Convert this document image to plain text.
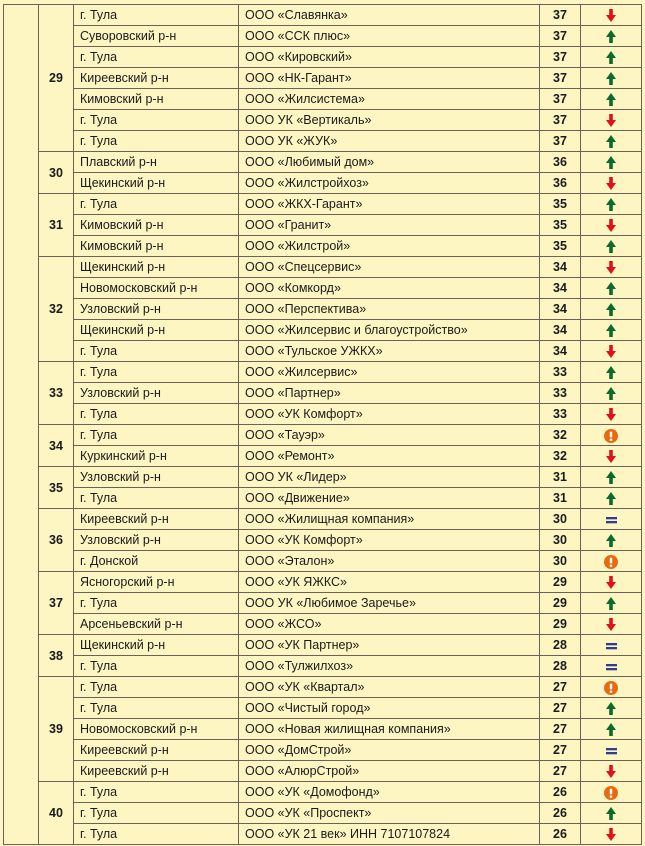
	29	г. Тула	ООО «Славянка»	37	

		Суворовский р-н	ООО «ССК плюс»	37	

		г. Тула	ООО «Кировский»	37	

		Киреевский р-н	ООО «НК-Гарант»	37	

		Кимовский р-н	ООО «Жилсистема»	37	

		г. Тула	ООО УК «Вертикаль»	37	

		г. Тула	ООО УК «ЖУК»	37	

	30	Плавский р-н	ООО «Любимый дом»	36	

		Щекинский р-н	ООО «Жилстройхоз»	36	

	31	г. Тула	ООО «ЖКХ-Гарант»	35	

		Кимовский р-н	ООО «Гранит»	35	

		Кимовский р-н	ООО «Жилстрой»	35	

	32	Щекинский р-н	ООО «Спецсервис»	34	

		Новомосковский р-н	ООО «Комкорд»	34	

		Узловский р-н	ООО «Перспектива»	34	

		Щекинский р-н	ООО «Жилсервис и благоустройство»	34	

		г. Тула	ООО «Тульское УЖКХ»	34	

	33	г. Тула	ООО «Жилсервис»	33	

		Узловский р-н	ООО «Партнер»	33	

		г. Тула	ООО «УК Комфорт»	33	

	34	г. Тула	ООО «Тауэр»	32	

		Куркинский р-н	ООО «Ремонт»	32	

	35	Узловский р-н	ООО УК «Лидер»	31	

		г. Тула	ООО «Движение»	31	

	36	Киреевский р-н	ООО «Жилищная компания»	30	

		Узловский р-н	ООО «УК Комфорт»	30	

		г. Донской	ООО «Эталон»	30	

	37	Ясногорский р-н	ООО «УК ЯЖКС»	29	

		г. Тула	ООО УК «Любимое Заречье»	29	

		Арсеньевский р-н	ООО «ЖСО»	29	

	38	Щекинский р-н	ООО «УК Партнер»	28	

		г. Тула	ООО «Тулжилхоз»	28	

	39	г. Тула	ООО «УК «Квартал»	27	

		г. Тула	ООО «Чистый город»	27	

		Новомосковский р-н	ООО «Новая жилищная компания»	27	

		Киреевский р-н	ООО «ДомСтрой»	27	

		Киреевский р-н	ООО «АлюрСтрой»	27	

	40	г. Тула	ООО «УК «Домофонд»	26	

		г. Тула	ООО «УК «Проспект»	26	

		г. Тула	ООО «УК 21 век» ИНН 7107107824	26	
